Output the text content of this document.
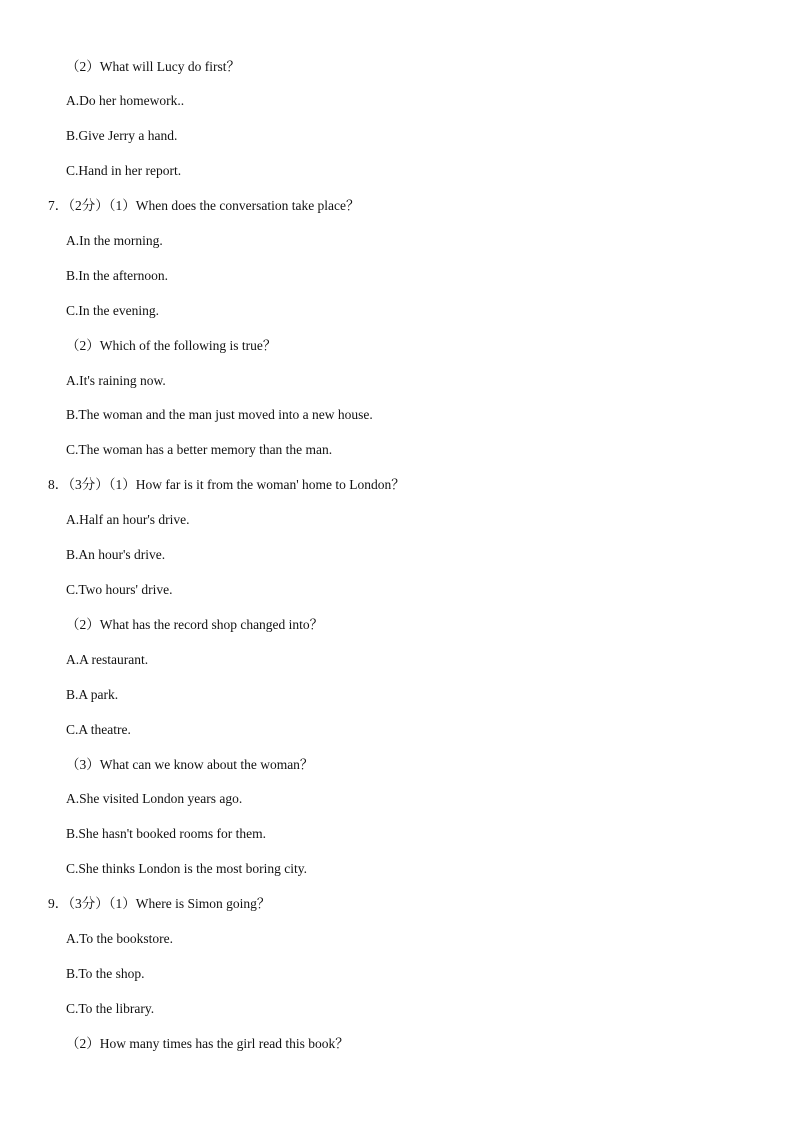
（2）What will Lucy do first？
A.Do her homework..
B.Give Jerry a hand.
C.Hand in her report.
7．（2分）（1）When does the conversation take place？
A.In the morning.
B.In the afternoon.
C.In the evening.
（2）Which of the following is true？
A.It's raining now.
B.The woman and the man just moved into a new house.
C.The woman has a better memory than the man.
8．（3分）（1）How far is it from the woman' home to London？
A.Half an hour's drive.
B.An hour's drive.
C.Two hours' drive.
（2）What has the record shop changed into？
A.A restaurant.
B.A park.
C.A theatre.
（3）What can we know about the woman？
A.She visited London years ago.
B.She hasn't booked rooms for them.
C.She thinks London is the most boring city.
9．（3分）（1）Where is Simon going？
A.To the bookstore.
B.To the shop.
C.To the library.
（2）How many times has the girl read this book？
